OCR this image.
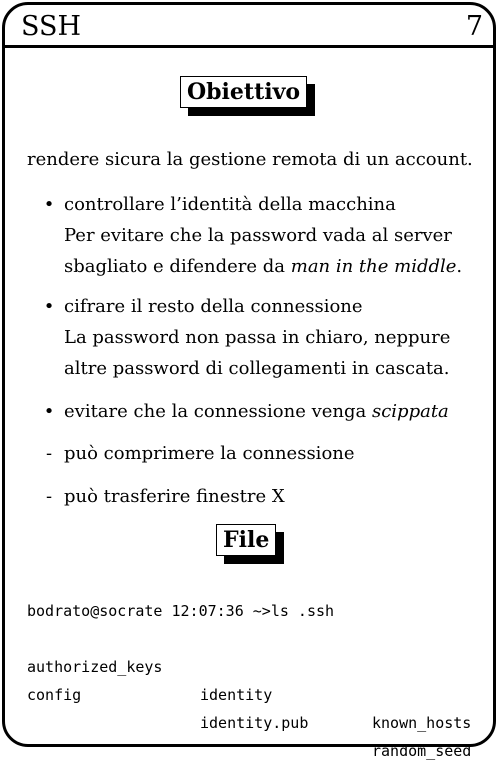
SSH	7
Obiettivo
rendere sicura la gestione remota di un account.
• controllare l’identità della macchina
Per evitare che la password vada al server
sbagliato e difendere da man in the middle.
• cifrare il resto della connessione
La password non passa in chiaro, neppure
altre password di collegamenti in cascata.
• evitare che la connessione venga scippata
- può comprimere la connessione
- può trasferire finestre X
File
bodrato@socrate 12:07:36 ~>ls .ssh

authorized_keys

identity

known_hosts

config

identity.pub

random_seed
